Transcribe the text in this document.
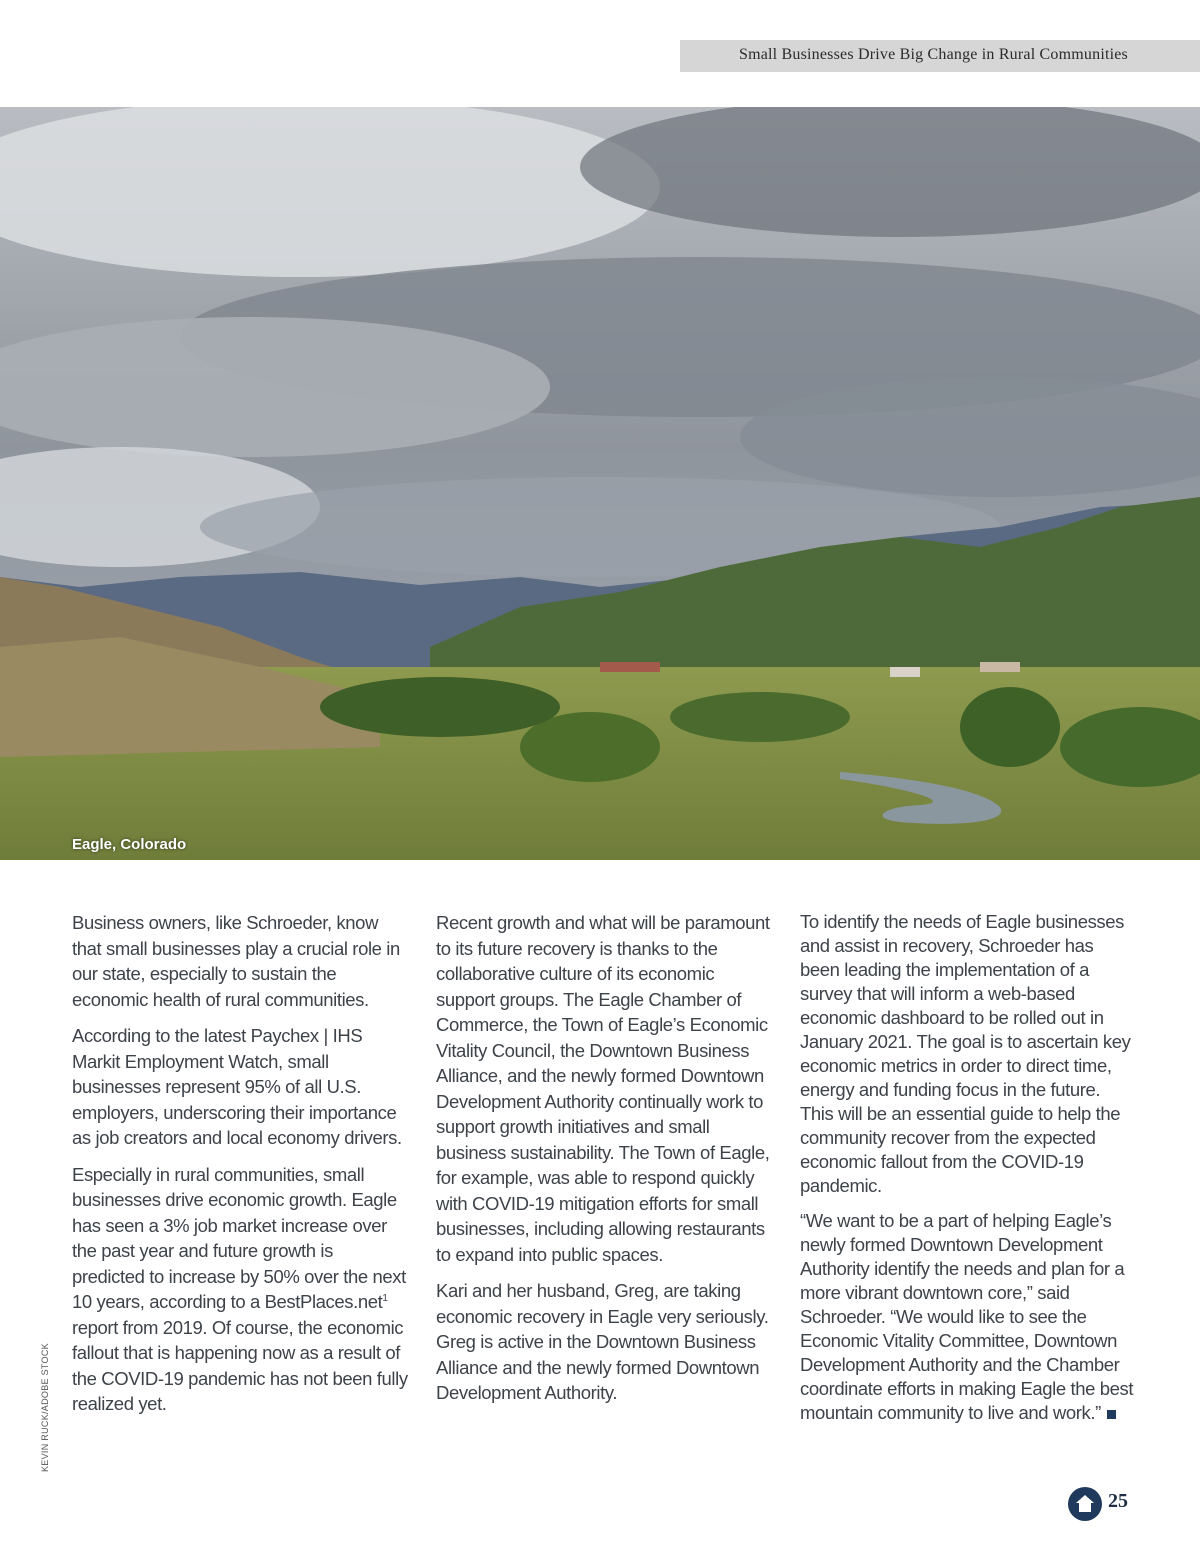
Small Businesses Drive Big Change in Rural Communities
Eagle, Colorado

Business owners, like Schroeder, know that small businesses play a crucial role in our state, especially to sustain the economic health of rural communities.

According to the latest Paychex | IHS Markit Employment Watch, small businesses represent 95% of all U.S. employers, underscoring their importance as job creators and local economy drivers.

Especially in rural communities, small businesses drive economic growth. Eagle has seen a 3% job market increase over the past year and future growth is predicted to increase by 50% over the next 10 years, according to a BestPlaces.net$^1$ report from 2019. Of course, the economic fallout that is happening now as a result of the COVID-19 pandemic has not been fully realized yet.

Recent growth and what will be paramount to its future recovery is thanks to the collaborative culture of its economic support groups. The Eagle Chamber of Commerce, the Town of Eagle’s Economic Vitality Council, the Downtown Business Alliance, and the newly formed Downtown Development Authority continually work to support growth initiatives and small business sustainability. The Town of Eagle, for example, was able to respond quickly with COVID-19 mitigation efforts for small businesses, including allowing restaurants to expand into public spaces.

Kari and her husband, Greg, are taking economic recovery in Eagle very seriously. Greg is active in the Downtown Business Alliance and the newly formed Downtown Development Authority.

To identify the needs of Eagle businesses and assist in recovery, Schroeder has been leading the implementation of a survey that will inform a web-based economic dashboard to be rolled out in January 2021. The goal is to ascertain key economic metrics in order to direct time, energy and funding focus in the future. This will be an essential guide to help the community recover from the expected economic fallout from the COVID-19 pandemic.

“We want to be a part of helping Eagle’s newly formed Downtown Development Authority identify the needs and plan for a more vibrant downtown core,” said Schroeder. “We would like to see the Economic Vitality Committee, Downtown Development Authority and the Chamber coordinate efforts in making Eagle the best mountain community to live and work.”

KEVIN RUCK/ADOBE STOCK
25
